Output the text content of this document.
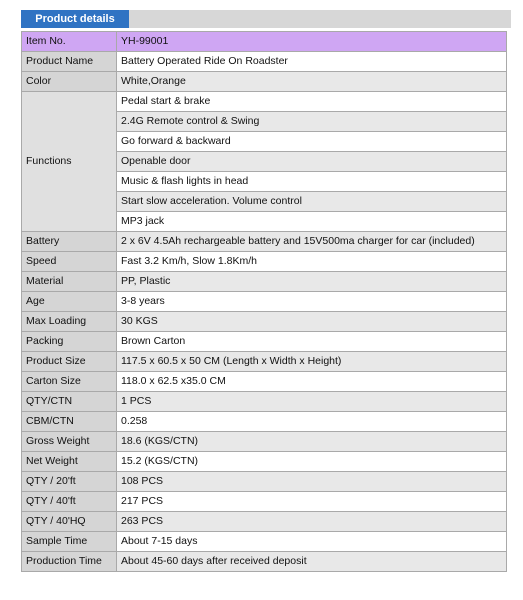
Product details
Item No.	YH-99001
Product Name	Battery Operated Ride On Roadster
Color	White,Orange
Functions	Pedal start & brake
	2.4G Remote control & Swing
	Go forward & backward
	Openable door
	Music & flash lights in head
	Start slow acceleration. Volume control
	MP3 jack
Battery	2 x 6V 4.5Ah rechargeable battery and 15V500ma charger for car (included)
Speed	Fast 3.2 Km/h, Slow 1.8Km/h
Material	PP, Plastic
Age	3-8 years
Max Loading	30 KGS
Packing	Brown Carton
Product Size	117.5 x 60.5 x 50 CM (Length x Width x Height)
Carton Size	118.0 x 62.5 x35.0 CM
QTY/CTN	1 PCS
CBM/CTN	0.258
Gross Weight	18.6 (KGS/CTN)
Net Weight	15.2 (KGS/CTN)
QTY / 20'ft	108 PCS
QTY / 40'ft	217 PCS
QTY / 40'HQ	263 PCS
Sample Time	About 7-15 days
Production Time	About 45-60 days after received deposit
